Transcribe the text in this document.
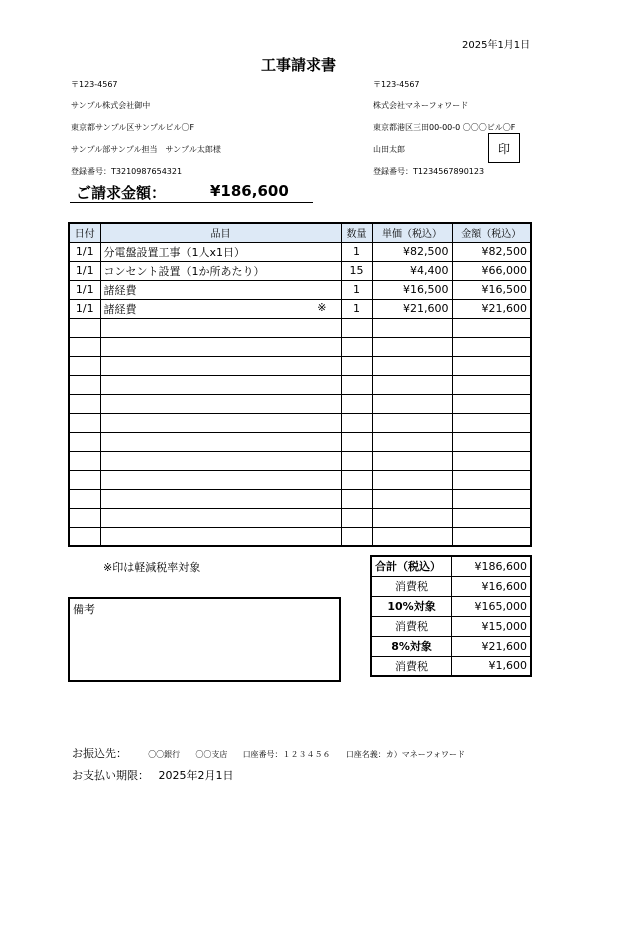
2025年1月1日
工事請求書
〒123-4567
サンプル株式会社御中
東京都サンプル区サンプルビル〇F
サンプル部サンプル担当　サンプル太郎様
登録番号：T3210987654321
〒123-4567
株式会社マネーフォワード
東京都港区三田00-00-0 〇〇〇ビル〇F
山田太郎	印
登録番号：T1234567890123
ご請求金額：	¥186,600
日付	品目	数量	単価（税込）	金額（税込）
1/1	分電盤設置工事（1人x1日）	1	¥82,500	¥82,500
1/1	コンセント設置（1か所あたり）	15	¥4,400	¥66,000
1/1	諸経費	1	¥16,500	¥16,500
1/1	諸経費 ※	1	¥21,600	¥21,600

※印は軽減税率対象
備考
合計（税込）	¥186,600
消費税	¥16,600
10%対象	¥165,000
消費税	¥15,000
8%対象	¥21,600
消費税	¥1,600
お振込先：	〇〇銀行 〇〇支店 口座番号：１２３４５６ 口座名義：カ）マネーフォワード
お支払い期限： 2025年2月1日
